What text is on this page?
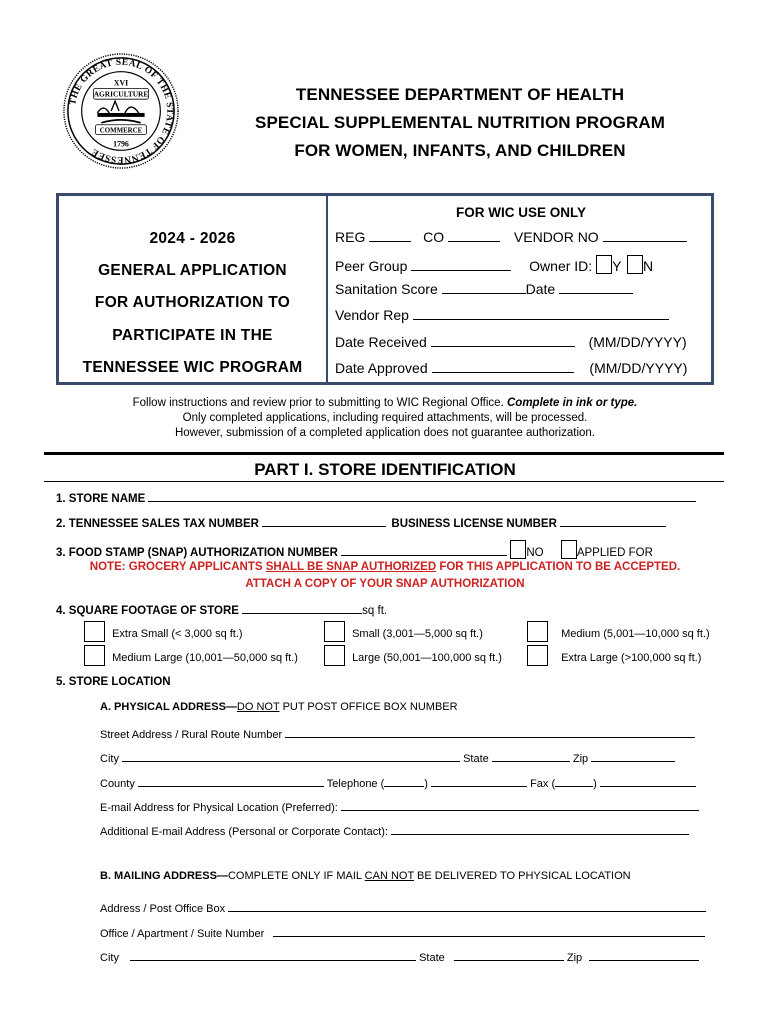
THE GREAT SEAL OF THE STATE OF TENNESSEE
XVI
AGRICULTURE
COMMERCE
1796
TENNESSEE DEPARTMENT OF HEALTH
SPECIAL SUPPLEMENTAL NUTRITION PROGRAM
FOR WOMEN, INFANTS, AND CHILDREN
2024 - 2026
GENERAL APPLICATION
FOR AUTHORIZATION TO
PARTICIPATE IN THE
TENNESSEE WIC PROGRAM
FOR WIC USE ONLY
REG	CO	VENDOR NO
Peer Group	Owner ID: Y N
Sanitation Score	Date
Vendor Rep
Date Received	(MM/DD/YYYY)
Date Approved	(MM/DD/YYYY)
Follow instructions and review prior to submitting to WIC Regional Office. Complete in ink or type.
Only completed applications, including required attachments, will be processed.
However, submission of a completed application does not guarantee authorization.
PART I. STORE IDENTIFICATION
1. STORE NAME
2. TENNESSEE SALES TAX NUMBER	BUSINESS LICENSE NUMBER
3. FOOD STAMP (SNAP) AUTHORIZATION NUMBER	NO	APPLIED FOR
NOTE: GROCERY APPLICANTS SHALL BE SNAP AUTHORIZED FOR THIS APPLICATION TO BE ACCEPTED.
ATTACH A COPY OF YOUR SNAP AUTHORIZATION
4. SQUARE FOOTAGE OF STORE	sq ft.
Extra Small (< 3,000 sq ft.)	Small (3,001—5,000 sq ft.)	Medium (5,001—10,000 sq ft.)
Medium Large (10,001—50,000 sq ft.)	Large (50,001—100,000 sq ft.)	Extra Large (>100,000 sq ft.)
5. STORE LOCATION
A. PHYSICAL ADDRESS—DO NOT PUT POST OFFICE BOX NUMBER
Street Address / Rural Route Number
City	State	Zip
County	Telephone (	)	Fax (	)
E-mail Address for Physical Location (Preferred):
Additional E-mail Address (Personal or Corporate Contact):
B. MAILING ADDRESS—COMPLETE ONLY IF MAIL CAN NOT BE DELIVERED TO PHYSICAL LOCATION
Address / Post Office Box
Office / Apartment / Suite Number
City	State	Zip
